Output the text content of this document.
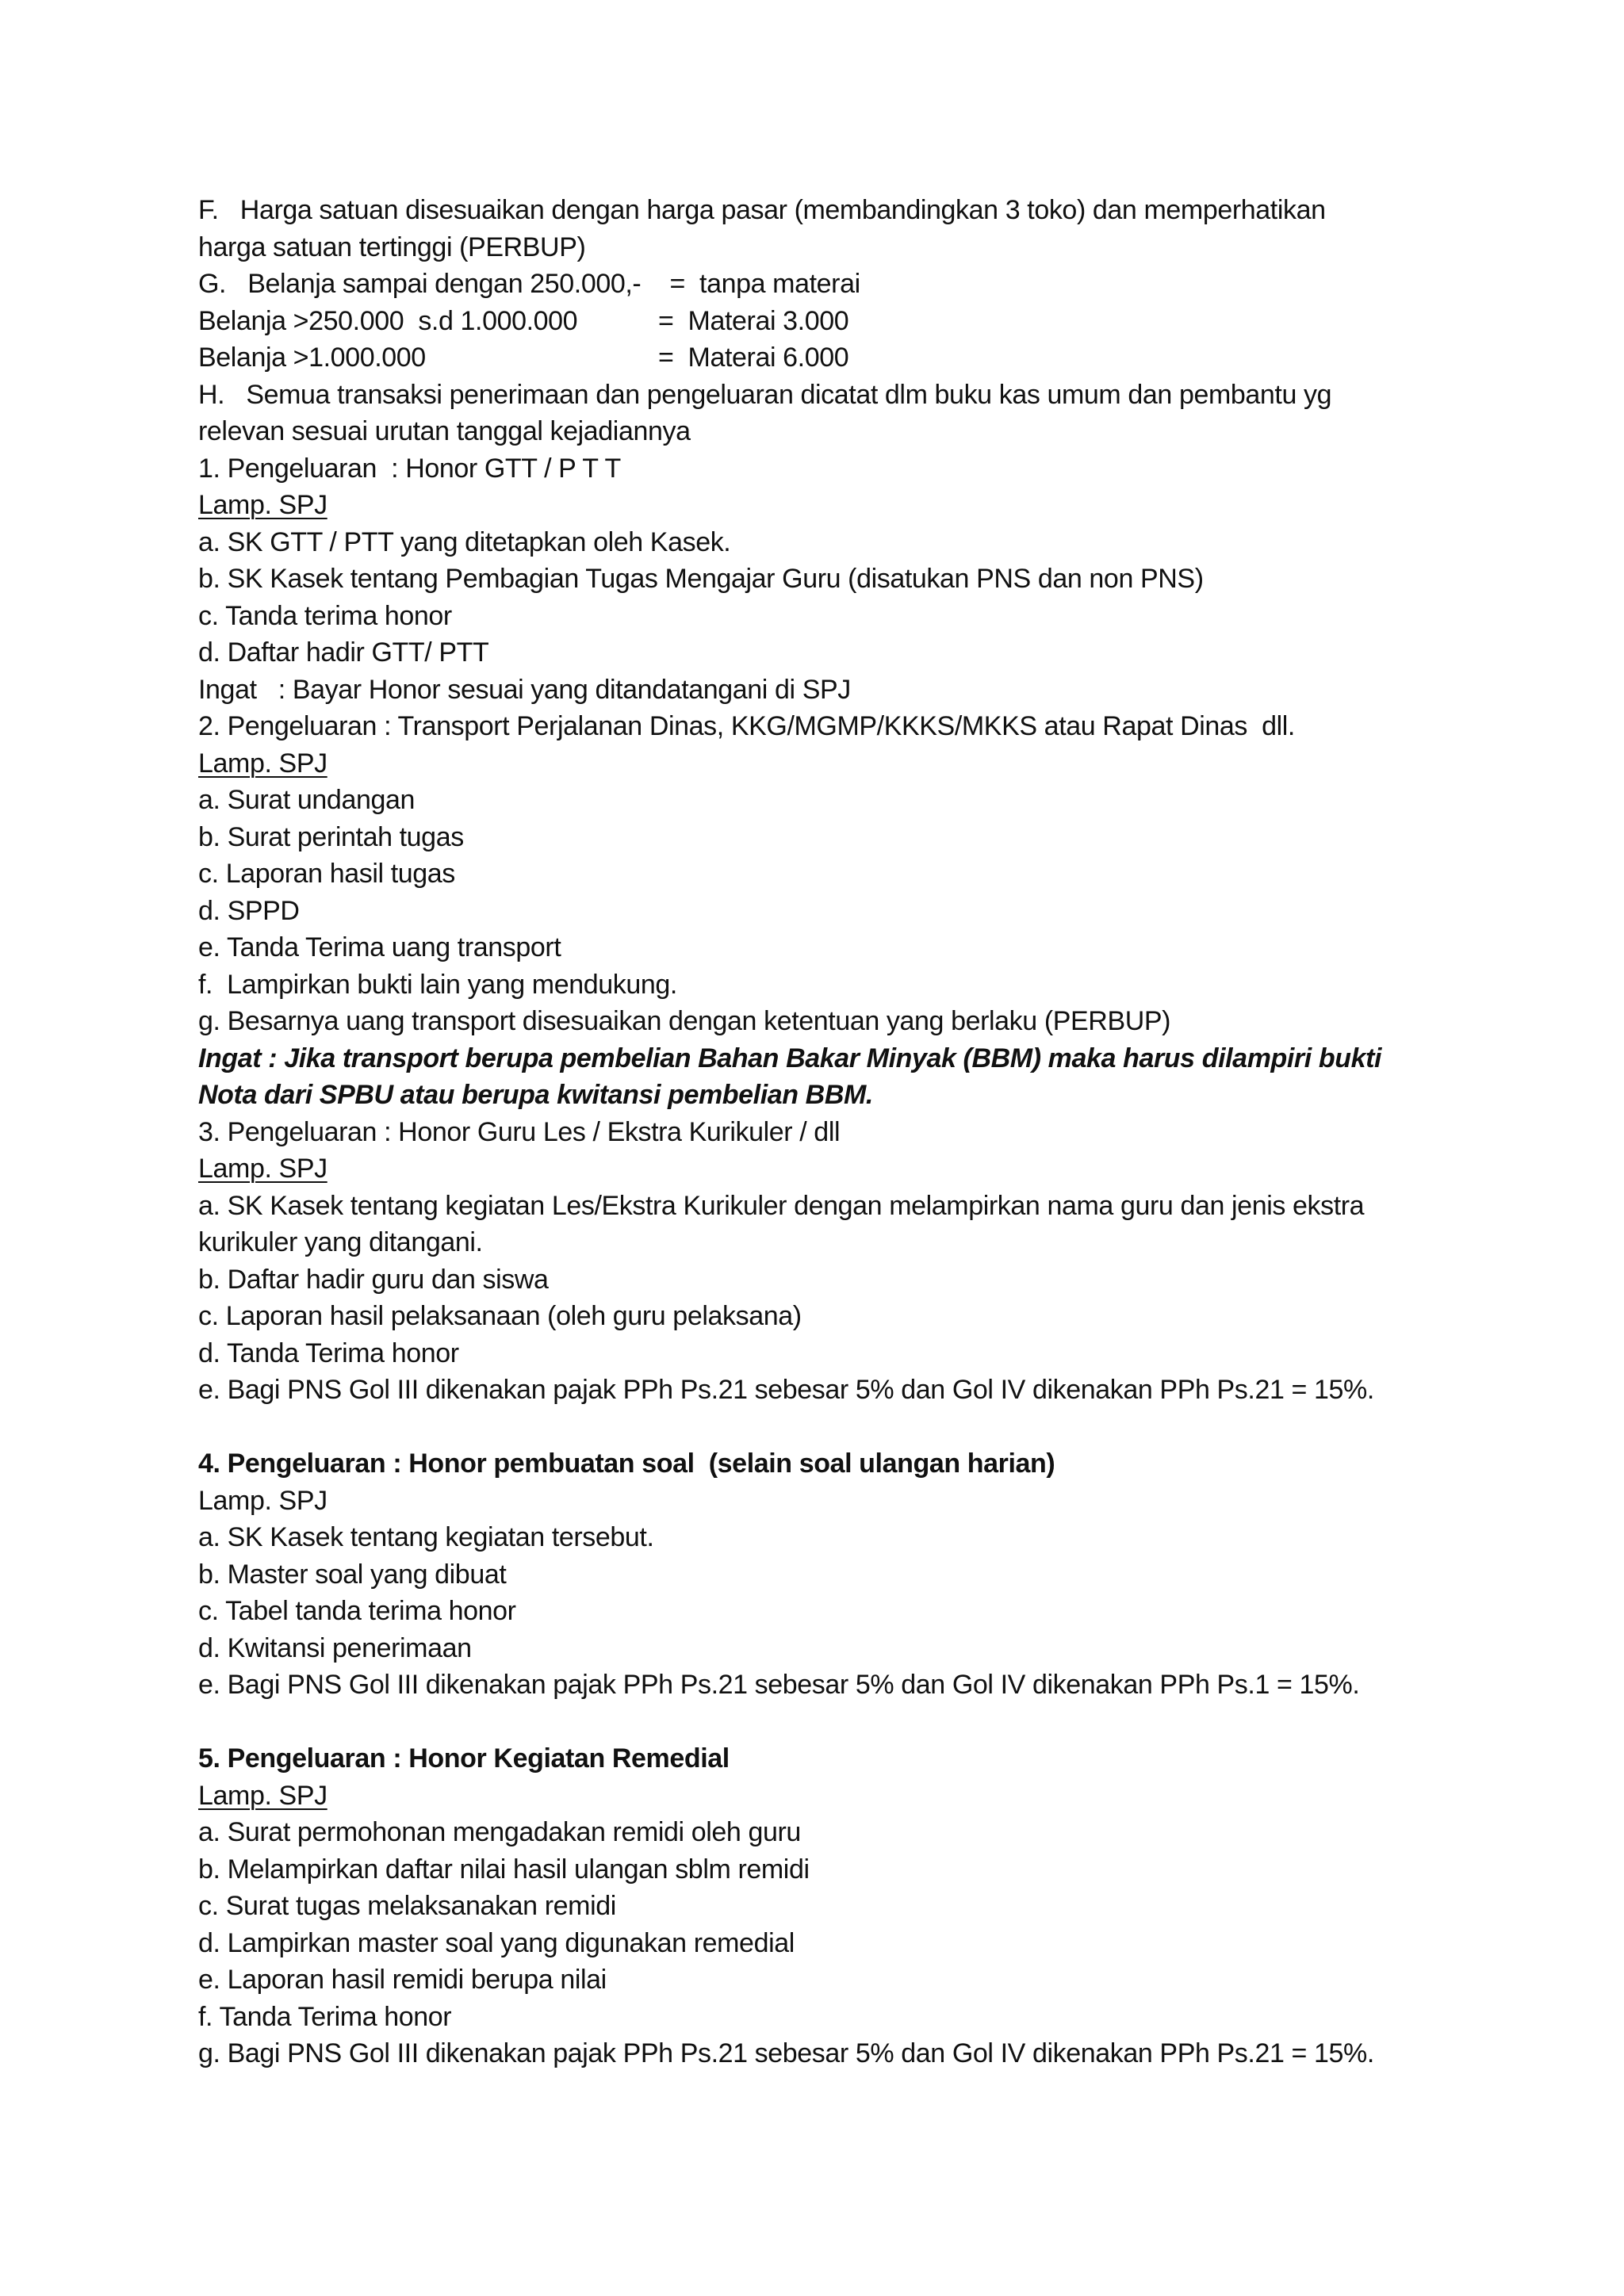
F.   Harga satuan disesuaikan dengan harga pasar (membandingkan 3 toko) dan memperhatikan
harga satuan tertinggi (PERBUP)
G.   Belanja sampai dengan 250.000,-    =  tanpa materai
Belanja >250.000  s.d 1.000.000	=  Materai 3.000
Belanja >1.000.000	=  Materai 6.000
H.   Semua transaksi penerimaan dan pengeluaran dicatat dlm buku kas umum dan pembantu yg
relevan sesuai urutan tanggal kejadiannya
1. Pengeluaran  : Honor GTT / P T T
Lamp. SPJ
a. SK GTT / PTT yang ditetapkan oleh Kasek.
b. SK Kasek tentang Pembagian Tugas Mengajar Guru (disatukan PNS dan non PNS)
c. Tanda terima honor
d. Daftar hadir GTT/ PTT
Ingat   : Bayar Honor sesuai yang ditandatangani di SPJ
2. Pengeluaran : Transport Perjalanan Dinas, KKG/MGMP/KKKS/MKKS atau Rapat Dinas  dll.
Lamp. SPJ
a. Surat undangan
b. Surat perintah tugas
c. Laporan hasil tugas
d. SPPD
e. Tanda Terima uang transport
f.  Lampirkan bukti lain yang mendukung.
g. Besarnya uang transport disesuaikan dengan ketentuan yang berlaku (PERBUP)
Ingat : Jika transport berupa pembelian Bahan Bakar Minyak (BBM) maka harus dilampiri bukti
Nota dari SPBU atau berupa kwitansi pembelian BBM.
3. Pengeluaran : Honor Guru Les / Ekstra Kurikuler / dll
Lamp. SPJ
a. SK Kasek tentang kegiatan Les/Ekstra Kurikuler dengan melampirkan nama guru dan jenis ekstra
kurikuler yang ditangani.
b. Daftar hadir guru dan siswa
c. Laporan hasil pelaksanaan (oleh guru pelaksana)
d. Tanda Terima honor
e. Bagi PNS Gol III dikenakan pajak PPh Ps.21 sebesar 5% dan Gol IV dikenakan PPh Ps.21 = 15%.
4. Pengeluaran : Honor pembuatan soal  (selain soal ulangan harian)
Lamp. SPJ
a. SK Kasek tentang kegiatan tersebut.
b. Master soal yang dibuat
c. Tabel tanda terima honor
d. Kwitansi penerimaan
e. Bagi PNS Gol III dikenakan pajak PPh Ps.21 sebesar 5% dan Gol IV dikenakan PPh Ps.1 = 15%.
5. Pengeluaran : Honor Kegiatan Remedial
Lamp. SPJ
a. Surat permohonan mengadakan remidi oleh guru
b. Melampirkan daftar nilai hasil ulangan sblm remidi
c. Surat tugas melaksanakan remidi
d. Lampirkan master soal yang digunakan remedial
e. Laporan hasil remidi berupa nilai
f. Tanda Terima honor
g. Bagi PNS Gol III dikenakan pajak PPh Ps.21 sebesar 5% dan Gol IV dikenakan PPh Ps.21 = 15%.
